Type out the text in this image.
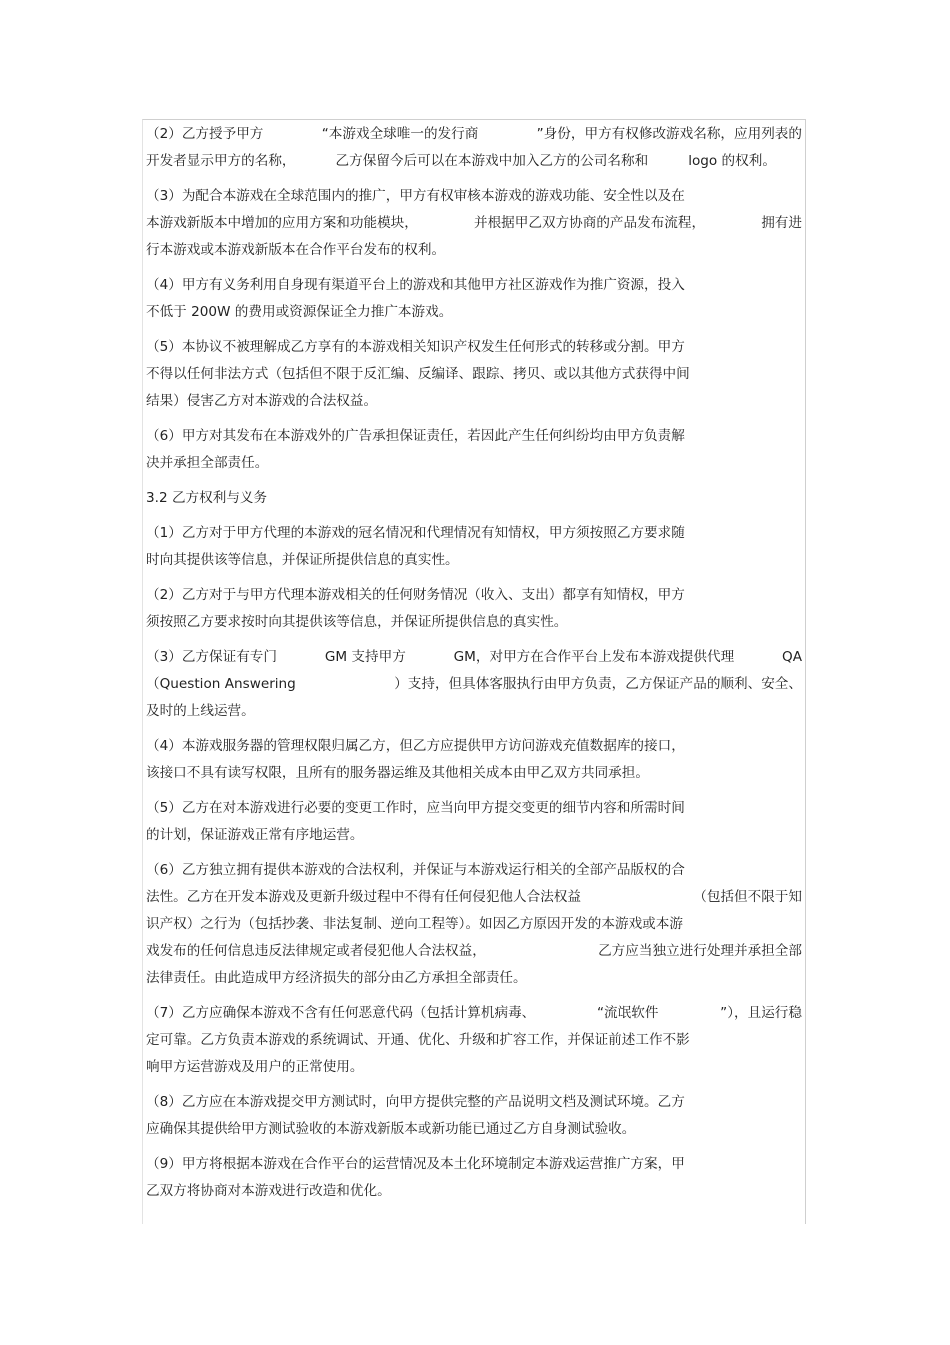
（2）乙方授予甲方	“本游戏全球唯一的发行商	”身份，甲方有权修改游戏名称，应用列表的
开发者显示甲方的名称，	乙方保留今后可以在本游戏中加入乙方的公司名称和	logo 的权利。
（3）为配合本游戏在全球范围内的推广，甲方有权审核本游戏的游戏功能、安全性以及在
本游戏新版本中增加的应用方案和功能模块，	并根据甲乙双方协商的产品发布流程，	拥有进
行本游戏或本游戏新版本在合作平台发布的权利。
（4）甲方有义务利用自身现有渠道平台上的游戏和其他甲方社区游戏作为推广资源，投入
不低于 200W 的费用或资源保证全力推广本游戏。
（5）本协议不被理解成乙方享有的本游戏相关知识产权发生任何形式的转移或分割。甲方
不得以任何非法方式（包括但不限于反汇编、反编译、跟踪、拷贝、或以其他方式获得中间
结果）侵害乙方对本游戏的合法权益。
（6）甲方对其发布在本游戏外的广告承担保证责任，若因此产生任何纠纷均由甲方负责解
决并承担全部责任。
3.2 乙方权利与义务
（1）乙方对于甲方代理的本游戏的冠名情况和代理情况有知情权，甲方须按照乙方要求随
时向其提供该等信息，并保证所提供信息的真实性。
（2）乙方对于与甲方代理本游戏相关的任何财务情况（收入、支出）都享有知情权，甲方
须按照乙方要求按时向其提供该等信息，并保证所提供信息的真实性。
（3）乙方保证有专门	GM 支持甲方	GM，对甲方在合作平台上发布本游戏提供代理	QA
（Question Answering	）支持，但具体客服执行由甲方负责，乙方保证产品的顺利、安全、
及时的上线运营。
（4）本游戏服务器的管理权限归属乙方，但乙方应提供甲方访问游戏充值数据库的接口，
该接口不具有读写权限，且所有的服务器运维及其他相关成本由甲乙双方共同承担。
（5）乙方在对本游戏进行必要的变更工作时，应当向甲方提交变更的细节内容和所需时间
的计划，保证游戏正常有序地运营。
（6）乙方独立拥有提供本游戏的合法权利，并保证与本游戏运行相关的全部产品版权的合
法性。乙方在开发本游戏及更新升级过程中不得有任何侵犯他人合法权益	（包括但不限于知
识产权）之行为（包括抄袭、非法复制、逆向工程等）。如因乙方原因开发的本游戏或本游
戏发布的任何信息违反法律规定或者侵犯他人合法权益，	乙方应当独立进行处理并承担全部
法律责任。由此造成甲方经济损失的部分由乙方承担全部责任。
（7）乙方应确保本游戏不含有任何恶意代码（包括计算机病毒、	“流氓软件	”），且运行稳
定可靠。乙方负责本游戏的系统调试、开通、优化、升级和扩容工作，并保证前述工作不影
响甲方运营游戏及用户的正常使用。
（8）乙方应在本游戏提交甲方测试时，向甲方提供完整的产品说明文档及测试环境。乙方
应确保其提供给甲方测试验收的本游戏新版本或新功能已通过乙方自身测试验收。
（9）甲方将根据本游戏在合作平台的运营情况及本土化环境制定本游戏运营推广方案，甲
乙双方将协商对本游戏进行改造和优化。
